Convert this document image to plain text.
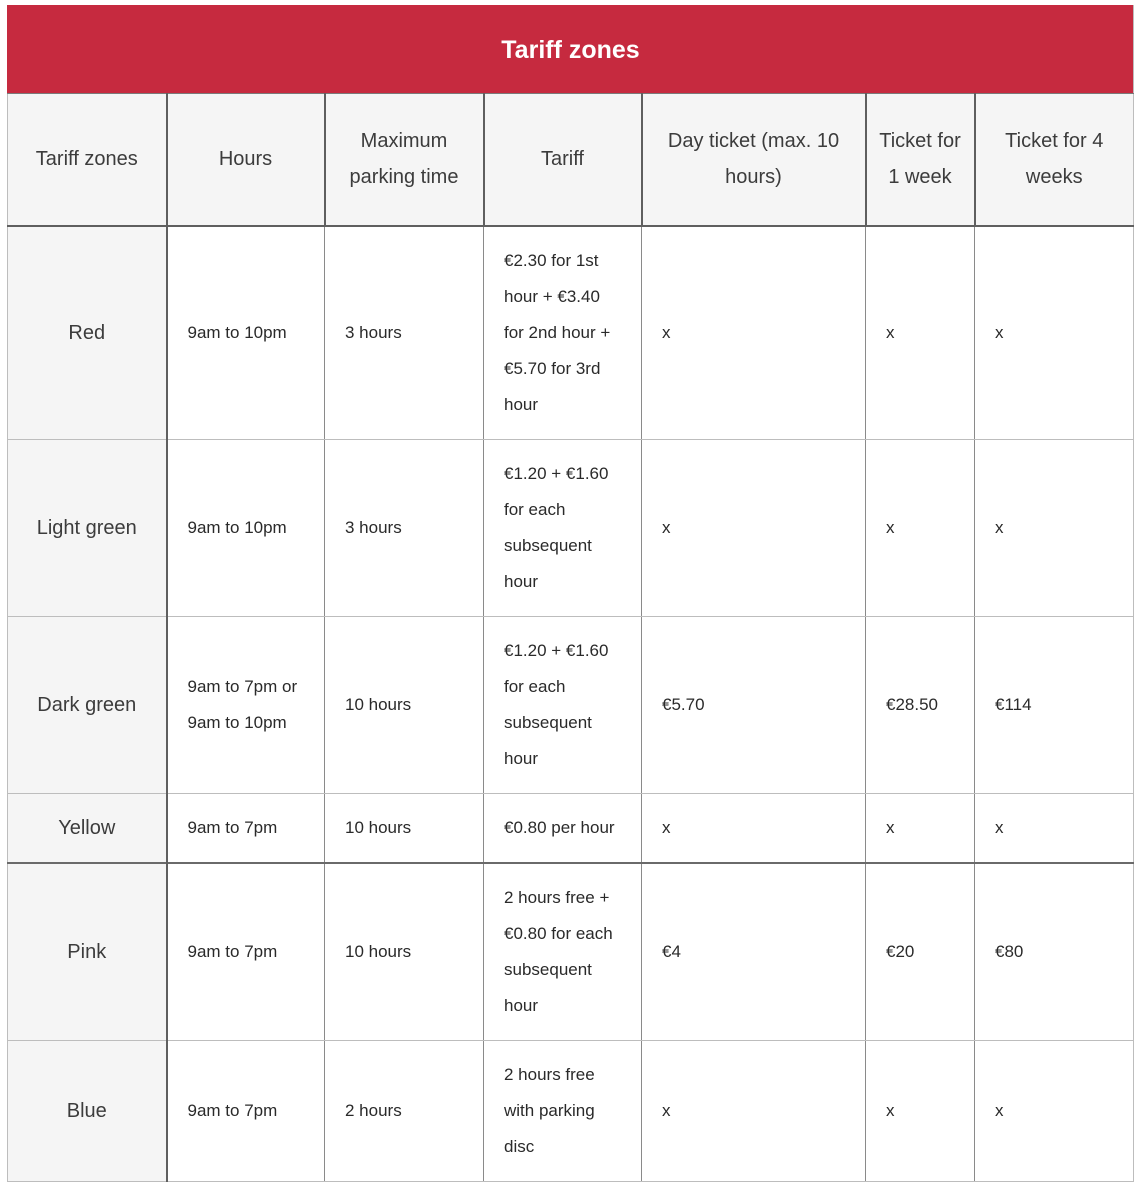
Tariff zones						
Tariff zones	Hours	Maximum parking time	Tariff	Day ticket (max. 10 hours)	Ticket for 1 week	Ticket for 4 weeks
Red	9am to 10pm	3 hours	€2.30 for 1st hour + €3.40 for 2nd hour + €5.70 for 3rd hour	x	x	x
Light green	9am to 10pm	3 hours	€1.20 + €1.60 for each subsequent hour	x	x	x
Dark green	9am to 7pm or 9am to 10pm	10 hours	€1.20 + €1.60 for each subsequent hour	€5.70	€28.50	€114
Yellow	9am to 7pm	10 hours	€0.80 per hour	x	x	x
Pink	9am to 7pm	10 hours	2 hours free + €0.80 for each subsequent hour	€4	€20	€80
Blue	9am to 7pm	2 hours	2 hours free with parking disc	x	x	x
